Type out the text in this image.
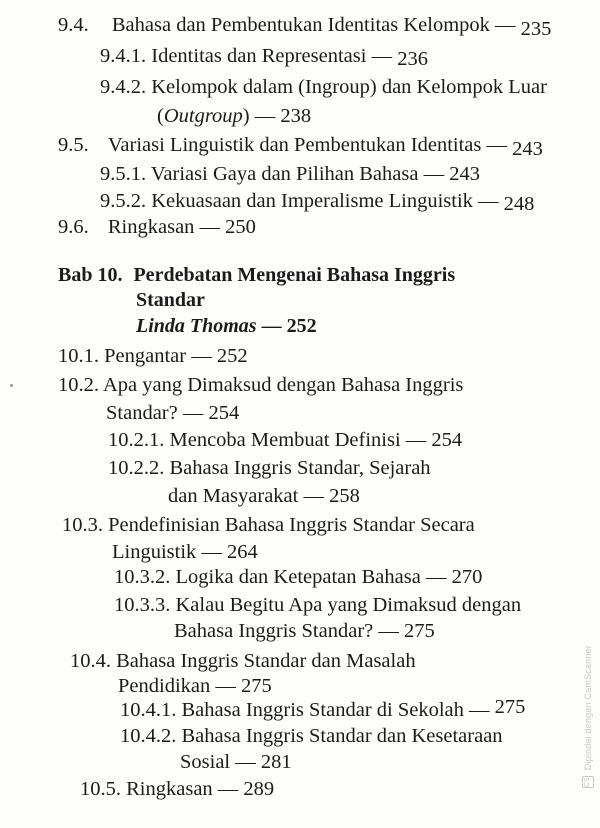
9.4. Bahasa dan Pembentukan Identitas Kelompok — 235
9.4.1. Identitas dan Representasi — 236
9.4.2. Kelompok dalam (Ingroup) dan Kelompok Luar
(Outgroup) — 238
9.5. Variasi Linguistik dan Pembentukan Identitas — 243
9.5.1. Variasi Gaya dan Pilihan Bahasa — 243
9.5.2. Kekuasaan dan Imperalisme Linguistik — 248
9.6. Ringkasan — 250
Bab 10. Perdebatan Mengenai Bahasa Inggris
Standar
Linda Thomas — 252
10.1. Pengantar — 252
10.2. Apa yang Dimaksud dengan Bahasa Inggris
Standar? — 254
10.2.1. Mencoba Membuat Definisi — 254
10.2.2. Bahasa Inggris Standar, Sejarah
dan Masyarakat — 258
10.3. Pendefinisian Bahasa Inggris Standar Secara
Linguistik — 264
10.3.2. Logika dan Ketepatan Bahasa — 270
10.3.3. Kalau Begitu Apa yang Dimaksud dengan
Bahasa Inggris Standar? — 275
10.4. Bahasa Inggris Standar dan Masalah
Pendidikan — 275
10.4.1. Bahasa Inggris Standar di Sekolah — 275
10.4.2. Bahasa Inggris Standar dan Kesetaraan
Sosial — 281
10.5. Ringkasan — 289	CS Dipindai dengan CamScanner
